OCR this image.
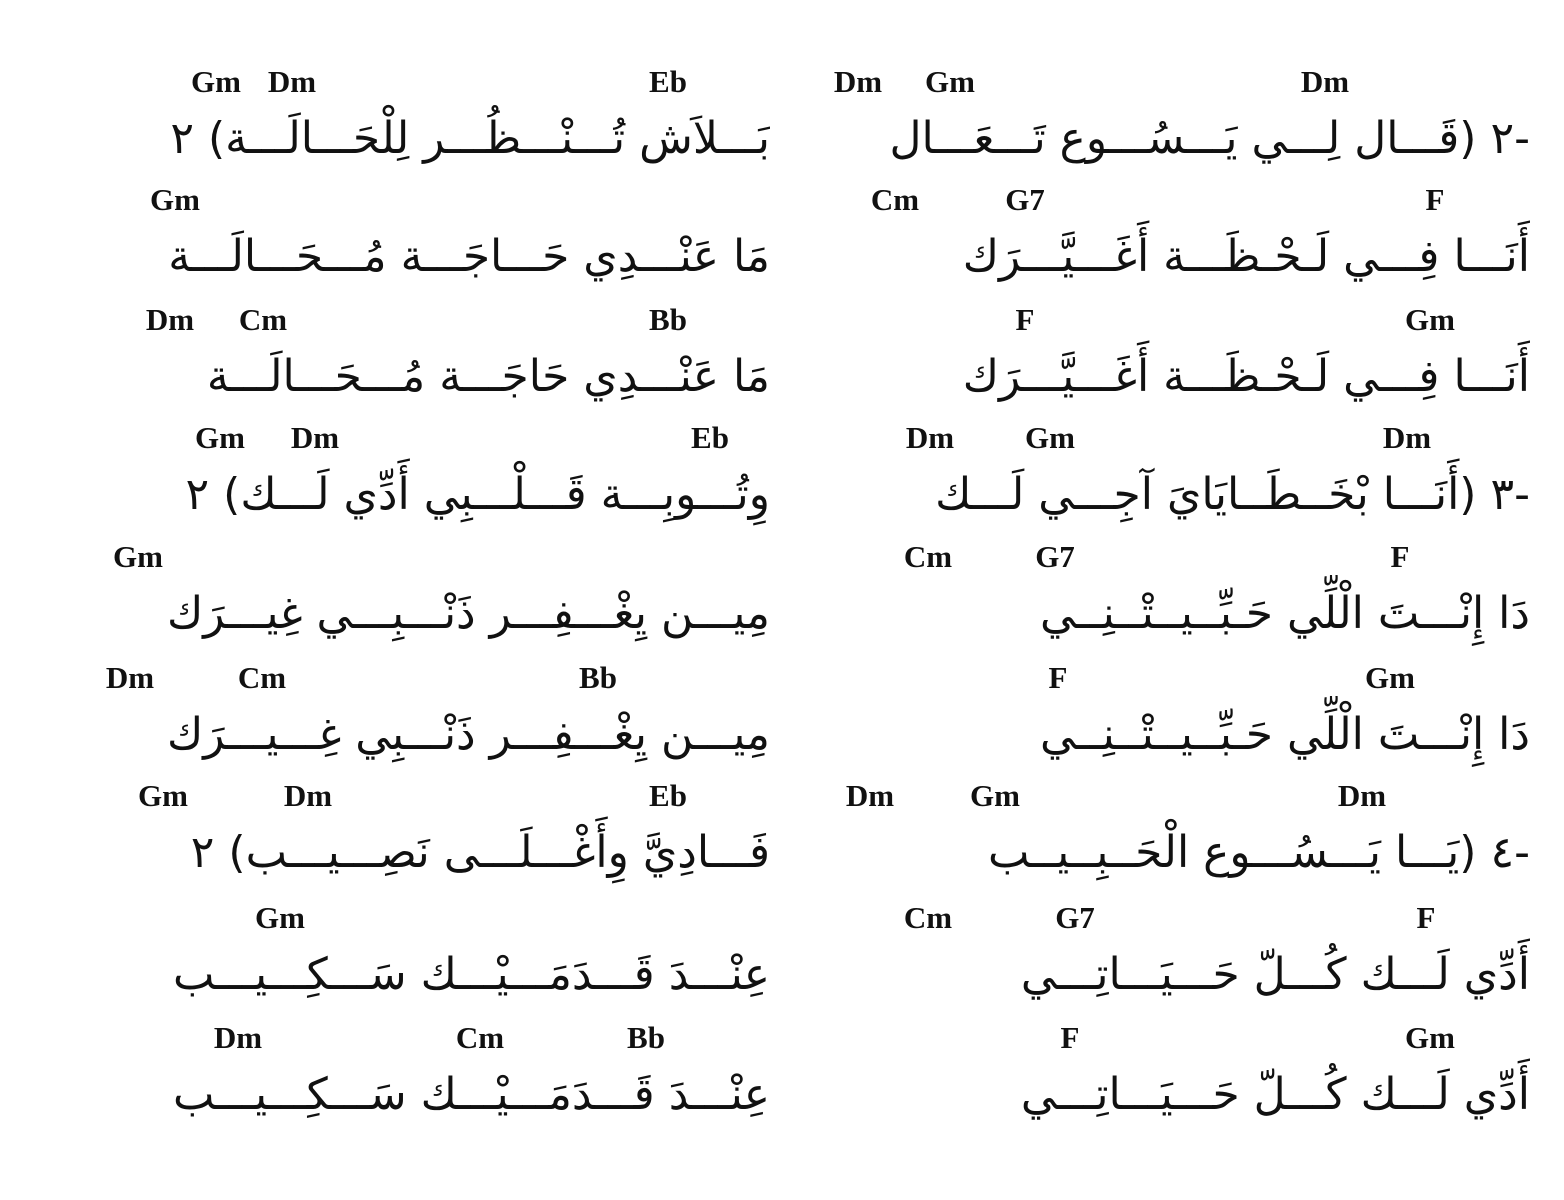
Dm Gm	Dm
-٢ (قَـــال لِـــي يَـــسُـــوع تَـــعَـــال
Cm	G7	F
أَنَـــا فِـــي لَـحْـظَـــة أَغَـــيَّـــرَك
F	Gm
أَنَـــا فِـــي لَـحْـظَـــة أَغَـــيَّـــرَك
Dm Gm	Dm
-٣ (أَنَـــا بْخَــطَــايَايَ آجِـــي لَـــك
Cm	G7	F
دَا إِنْـــتَ الْلِّي حَـبِّــيــتْــنِــي
F	Gm
دَا إِنْـــتَ الْلِّي حَـبِّــيــتْــنِــي
Dm Gm	Dm
-٤ (يَـــا يَـــسُـــوع الْحَــبِــيــب
Cm	G7	F
أَدِّي لَـــك كُـــلّ حَـــيَـــاتِـــي
F	Gm
أَدِّي لَـــك كُـــلّ حَـــيَـــاتِـــي
Gm Dm	Eb
بَـــلاَش تُـــنْـــظُـــر لِلْحَـــالَـــة) ٢
Gm
مَا عَنْـــدِي حَـــاجَـــة مُـــحَـــالَـــة
Dm Cm	Bb
مَا عَنْـــدِي حَاجَـــة مُـــحَـــالَـــة
Gm Dm	Eb
وِتُـــوبِـــة قَـــلْـــبِي أَدِّي لَـــك) ٢
Gm
مِيـــن يِغْـــفِـــر ذَنْـــبِـــي غِيـــرَك
Dm	Cm	Bb
مِيـــن يِغْـــفِـــر ذَنْـــبِي غِـــيـــرَك
Gm	Dm	Eb
فَـــادِيَّ وِأَغْـــلَـــى نَصِـــيـــب) ٢
Gm
عِنْـــدَ قَـــدَمَـــيْـــك سَـــكِـــيـــب
Dm	Cm	Bb
عِنْـــدَ قَـــدَمَـــيْـــك سَـــكِـــيـــب
